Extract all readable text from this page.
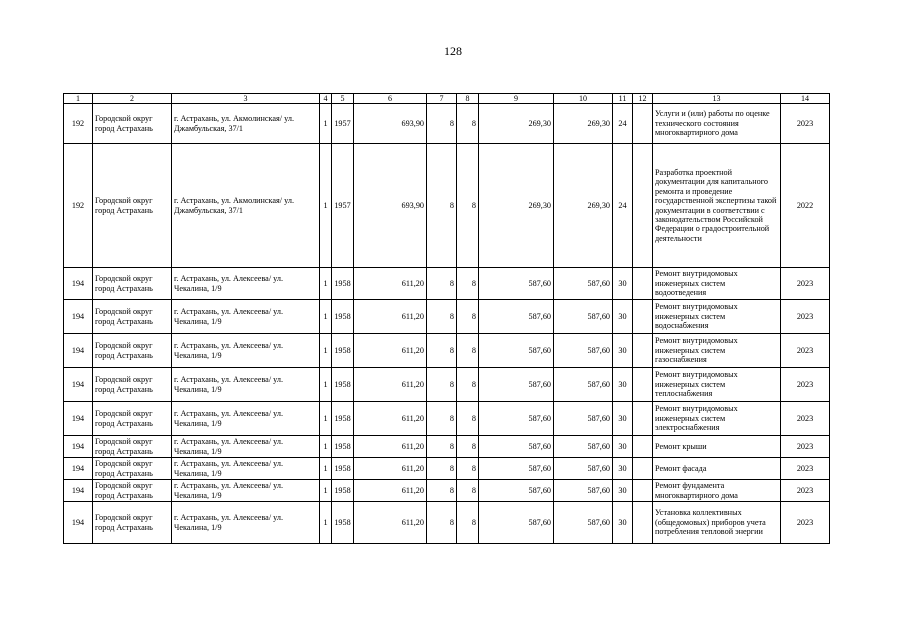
128
1	2	3	4	5	6	7	8	9	10	11	12	13	14
192	Городской округ город Астрахань	г. Астрахань, ул. Акмолинская/ ул. Джамбульская, 37/1	1	1957	693,90	8	8	269,30	269,30	24		Услуги и (или) работы по оценке технического состояния многоквартирного дома	2023
192	Городской округ город Астрахань	г. Астрахань, ул. Акмолинская/ ул. Джамбульская, 37/1	1	1957	693,90	8	8	269,30	269,30	24		Разработка проектной документации для капитального ремонта и проведение государственной экспертизы такой документации в соответствии с законодательством Российской Федерации о градостроительной деятельности	2022
194	Городской округ город Астрахань	г. Астрахань, ул. Алексеева/ ул. Чекалина, 1/9	1	1958	611,20	8	8	587,60	587,60	30		Ремонт внутридомовых инженерных систем водоотведения	2023
194	Городской округ город Астрахань	г. Астрахань, ул. Алексеева/ ул. Чекалина, 1/9	1	1958	611,20	8	8	587,60	587,60	30		Ремонт внутридомовых инженерных систем водоснабжения	2023
194	Городской округ город Астрахань	г. Астрахань, ул. Алексеева/ ул. Чекалина, 1/9	1	1958	611,20	8	8	587,60	587,60	30		Ремонт внутридомовых инженерных систем газоснабжения	2023
194	Городской округ город Астрахань	г. Астрахань, ул. Алексеева/ ул. Чекалина, 1/9	1	1958	611,20	8	8	587,60	587,60	30		Ремонт внутридомовых инженерных систем теплоснабжения	2023
194	Городской округ город Астрахань	г. Астрахань, ул. Алексеева/ ул. Чекалина, 1/9	1	1958	611,20	8	8	587,60	587,60	30		Ремонт внутридомовых инженерных систем электроснабжения	2023
194	Городской округ город Астрахань	г. Астрахань, ул. Алексеева/ ул. Чекалина, 1/9	1	1958	611,20	8	8	587,60	587,60	30		Ремонт крыши	2023
194	Городской округ город Астрахань	г. Астрахань, ул. Алексеева/ ул. Чекалина, 1/9	1	1958	611,20	8	8	587,60	587,60	30		Ремонт фасада	2023
194	Городской округ город Астрахань	г. Астрахань, ул. Алексеева/ ул. Чекалина, 1/9	1	1958	611,20	8	8	587,60	587,60	30		Ремонт фундамента многоквартирного дома	2023
194	Городской округ город Астрахань	г. Астрахань, ул. Алексеева/ ул. Чекалина, 1/9	1	1958	611,20	8	8	587,60	587,60	30		Установка коллективных (общедомовых) приборов учета потребления тепловой энергии	2023
